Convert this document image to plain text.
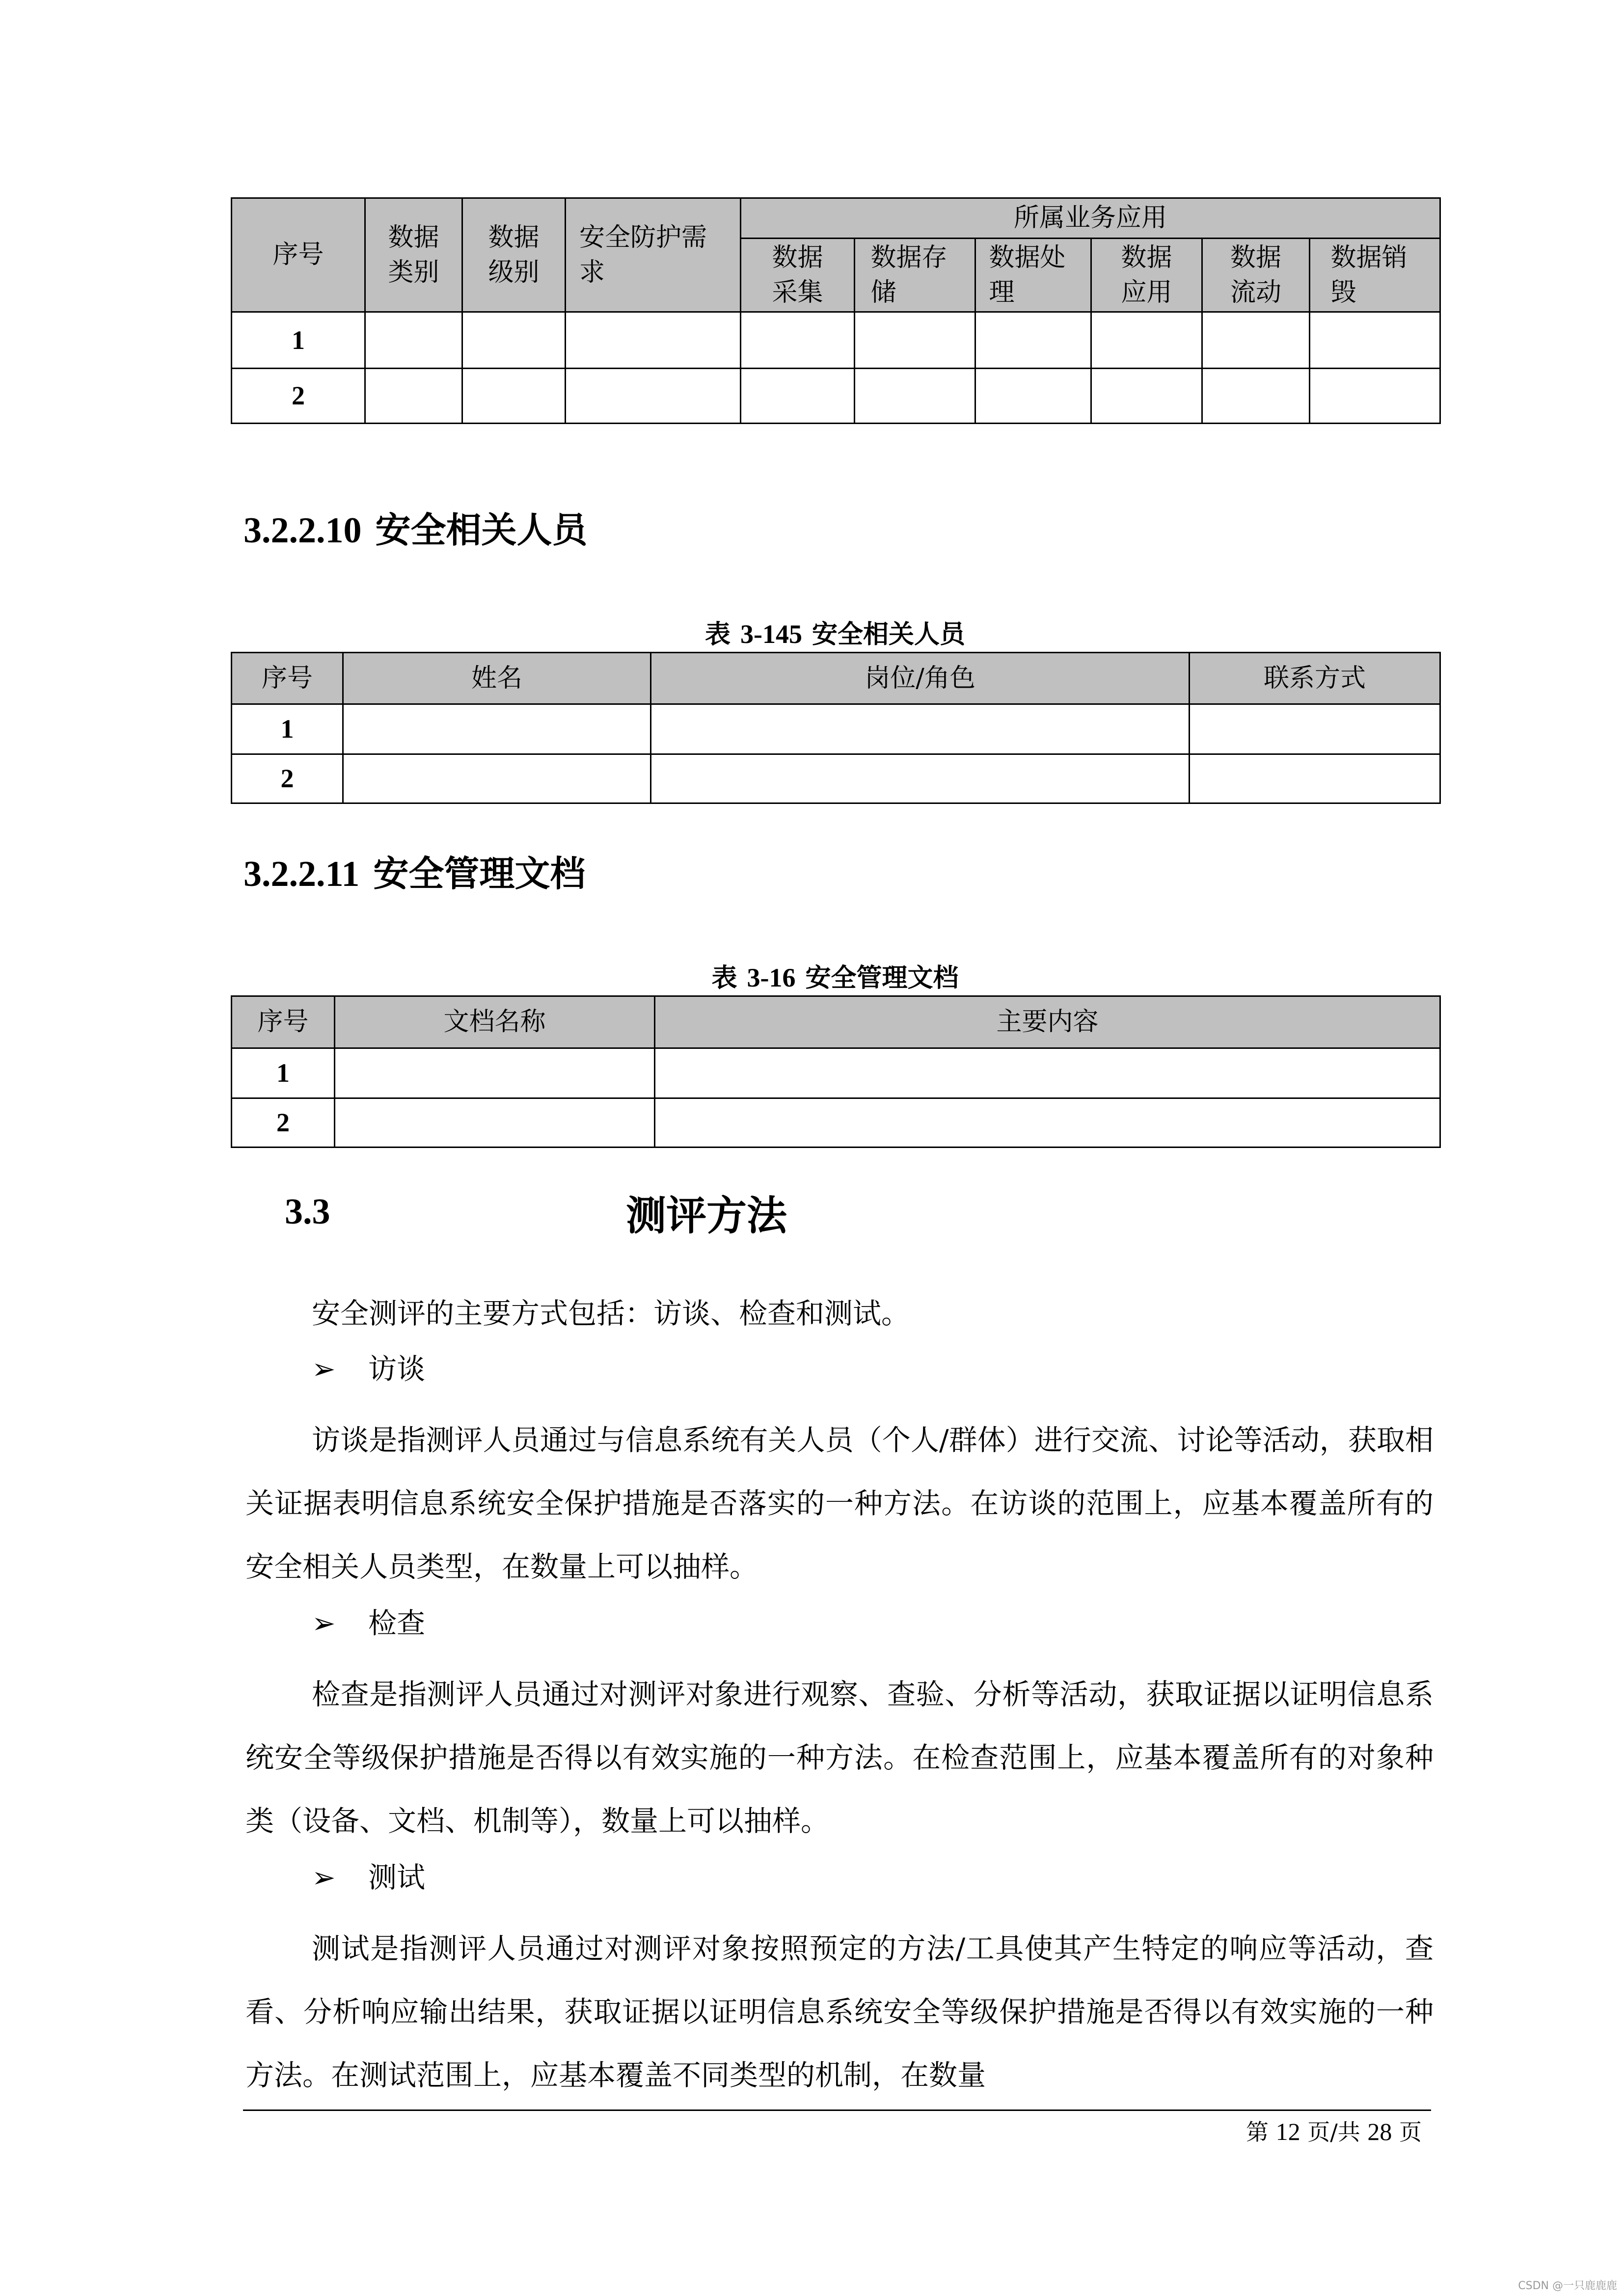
序号	数据类别	数据级别	安全防护需求	所属业务应用					

				数据采集	数据存储	数据处理	数据应用	数据流动	数据销毁

1									
2									
3.2.2.10 安全相关人员
表 3-145 安全相关人员
序号	姓名	岗位/角色	联系方式
1			
2			
3.2.2.11 安全管理文档
表 3-16 安全管理文档
序号	文档名称	主要内容
1		
2		
3.3	测评方法
安全测评的主要方式包括：访谈、检查和测试。
➢ 访谈
访谈是指测评人员通过与信息系统有关人员（个人/群体）进行交流、讨论等活动，获取相关证据表明信息系统安全保护措施是否落实的一种方法。在访谈的范围上，应基本覆盖所有的安全相关人员类型，在数量上可以抽样。
➢ 检查
检查是指测评人员通过对测评对象进行观察、查验、分析等活动，获取证据以证明信息系统安全等级保护措施是否得以有效实施的一种方法。在检查范围上，应基本覆盖所有的对象种类（设备、文档、机制等），数量上可以抽样。
➢ 测试
测试是指测评人员通过对测评对象按照预定的方法/工具使其产生特定的响应等活动，查看、分析响应输出结果，获取证据以证明信息系统安全等级保护措施是否得以有效实施的一种方法。在测试范围上，应基本覆盖不同类型的机制，在数量
第 12 页/共 28 页
CSDN @一只鹿鹿鹿
